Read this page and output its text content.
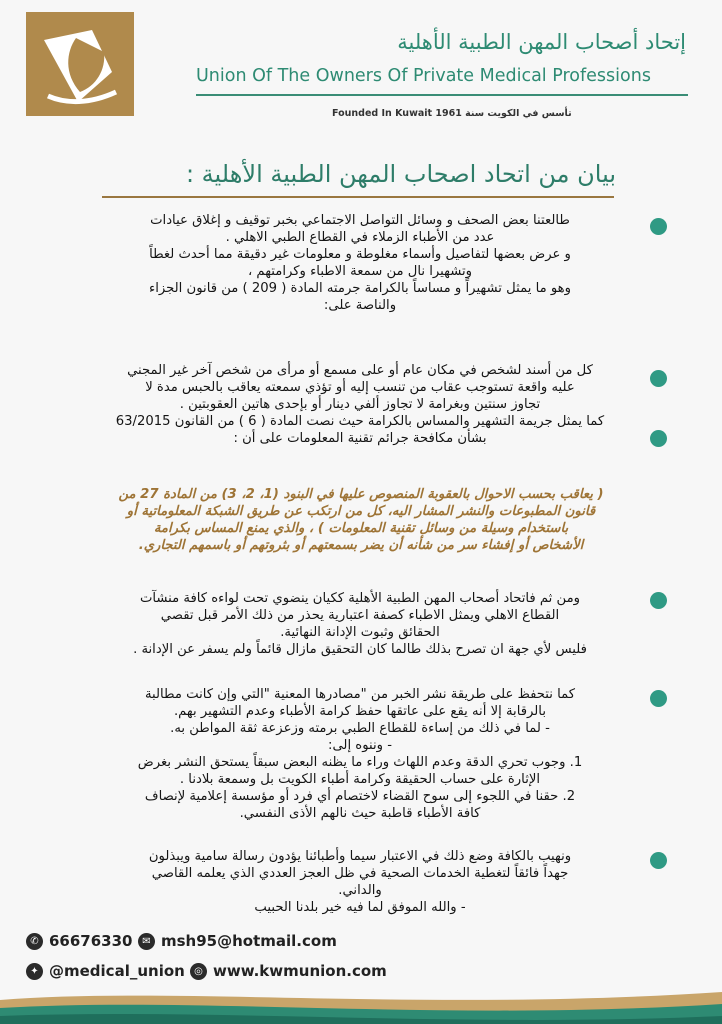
إتحاد أصحاب المهن الطبية الأهلية
Union Of The Owners Of Private Medical Professions
Founded In Kuwait 1961 تأسس في الكويت سنة
بيان من اتحاد اصحاب المهن الطبية الأهلية :
طالعتنا بعض الصحف و وسائل التواصل الاجتماعي بخبر توقيف و إغلاق عيادات
عدد من الأطباء الزملاء في القطاع الطبي الاهلي .
و عرض بعضها لتفاصيل وأسماء مغلوطة و معلومات غير دقيقة مما أحدث لغطاً
وتشهيرا نال من سمعة الاطباء وكرامتهم ،
وهو ما يمثل تشهيراً و مساساً بالكرامة جرمته المادة ( 209 ) من قانون الجزاء
والناصة على:
كل من أسند لشخص في مكان عام أو على مسمع أو مرأى من شخص آخر غير المجني
عليه واقعة تستوجب عقاب من تنسب إليه أو تؤذي سمعته يعاقب بالحبس مدة لا
تجاوز سنتين وبغرامة لا تجاوز ألفي دينار أو بإحدى هاتين العقوبتين .
كما يمثل جريمة التشهير والمساس بالكرامة حيث نصت المادة ( 6 ) من القانون 63/2015
بشأن مكافحة جرائم تقنية المعلومات على أن :
( يعاقب بحسب الاحوال بالعقوبة المنصوص عليها في البنود (1، 2، 3) من المادة 27 من
قانون المطبوعات والنشر المشار اليه، كل من ارتكب عن طريق الشبكة المعلوماتية أو
باستخدام وسيلة من وسائل تقنية المعلومات ) ، والذي يمنع المساس بكرامة
الأشخاص أو إفشاء سر من شأنه أن يضر بسمعتهم أو بثروتهم أو باسمهم التجاري.
ومن ثم فاتحاد أصحاب المهن الطبية الأهلية ككيان ينضوي تحت لواءه كافة منشآت
القطاع الاهلي ويمثل الاطباء كصفة اعتبارية يحذر من ذلك الأمر قبل تقصي
الحقائق وثبوت الإدانة النهائية.
فليس لأي جهة ان تصرح بذلك طالما كان التحقيق مازال قائماً ولم يسفر عن الإدانة .
كما نتحفظ على طريقة نشر الخبر من "مصادرها المعنية "التي وإن كانت مطالبة
بالرقابة إلا أنه يقع على عاتقها حفظ كرامة الأطباء وعدم التشهير بهم.
- لما في ذلك من إساءة للقطاع الطبي برمته وزعزعة ثقة المواطن به.
- وننوه إلى:
1. وجوب تحري الدقة وعدم اللهاث وراء ما يظنه البعض سبقاً يستحق النشر بغرض
الإثارة على حساب الحقيقة وكرامة أطباء الكويت بل وسمعة بلادنا .
2. حقنا في اللجوء إلى سوح القضاء لاختصام أي فرد أو مؤسسة إعلامية لإنصاف
كافة الأطباء قاطبة حيث نالهم الأذى النفسي.
ونهيب بالكافة وضع ذلك في الاعتبار سيما وأطبائنا يؤدون رسالة سامية ويبذلون
جهداً فائقاً لتغطية الخدمات الصحية في ظل العجز العددي الذي يعلمه القاصي
والداني.
- والله الموفق لما فيه خير بلدنا الحبيب
✆ 66676330 ✉ msh95@hotmail.com
✦ @medical_union ◎ www.kwmunion.com
